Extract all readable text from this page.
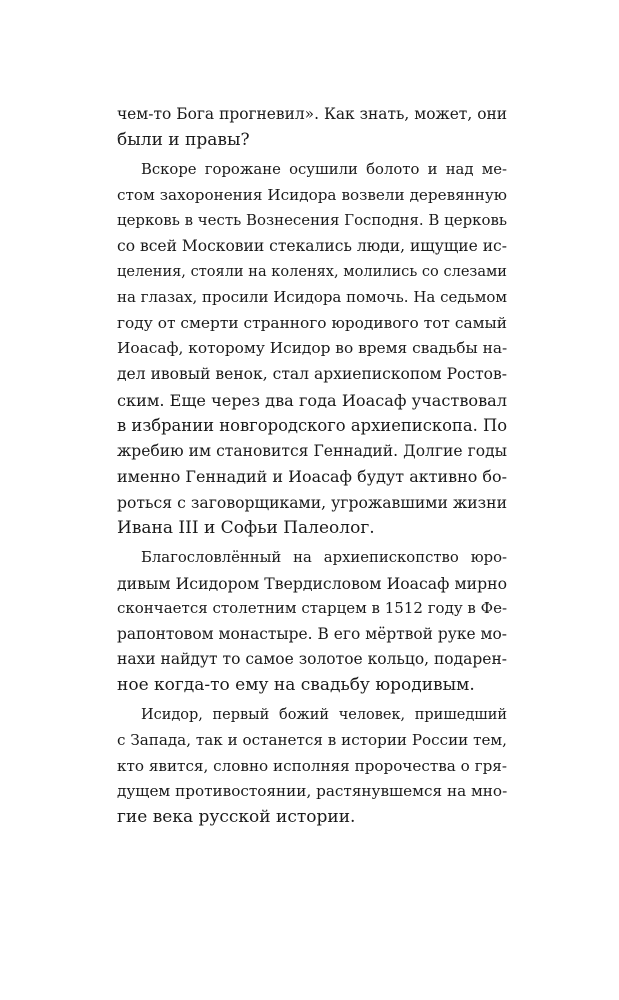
чем-то Бога прогневил». Как знать, может, они
были и правы?
Вскоре горожане осушили болото и над ме-
стом захоронения Исидора возвели деревянную
церковь в честь Вознесения Господня. В церковь
со всей Московии стекались люди, ищущие ис-
целения, стояли на коленях, молились со слезами
на глазах, просили Исидора помочь. На седьмом
году от смерти странного юродивого тот самый
Иоасаф, которому Исидор во время свадьбы на-
дел ивовый венок, стал архиепископом Ростов-
ским. Еще через два года Иоасаф участвовал
в избрании новгородского архиепископа. По
жребию им становится Геннадий. Долгие годы
именно Геннадий и Иоасаф будут активно бо-
роться с заговорщиками, угрожавшими жизни
Ивана III и Софьи Палеолог.
Благословлённый на архиепископство юро-
дивым Исидором Твердисловом Иоасаф мирно
скончается столетним старцем в 1512 году в Фе-
рапонтовом монастыре. В его мёртвой руке мо-
нахи найдут то самое золотое кольцо, подарен-
ное когда-то ему на свадьбу юродивым.
Исидор, первый божий человек, пришедший
с Запада, так и останется в истории России тем,
кто явится, словно исполняя пророчества о гря-
дущем противостоянии, растянувшемся на мно-
гие века русской истории.
